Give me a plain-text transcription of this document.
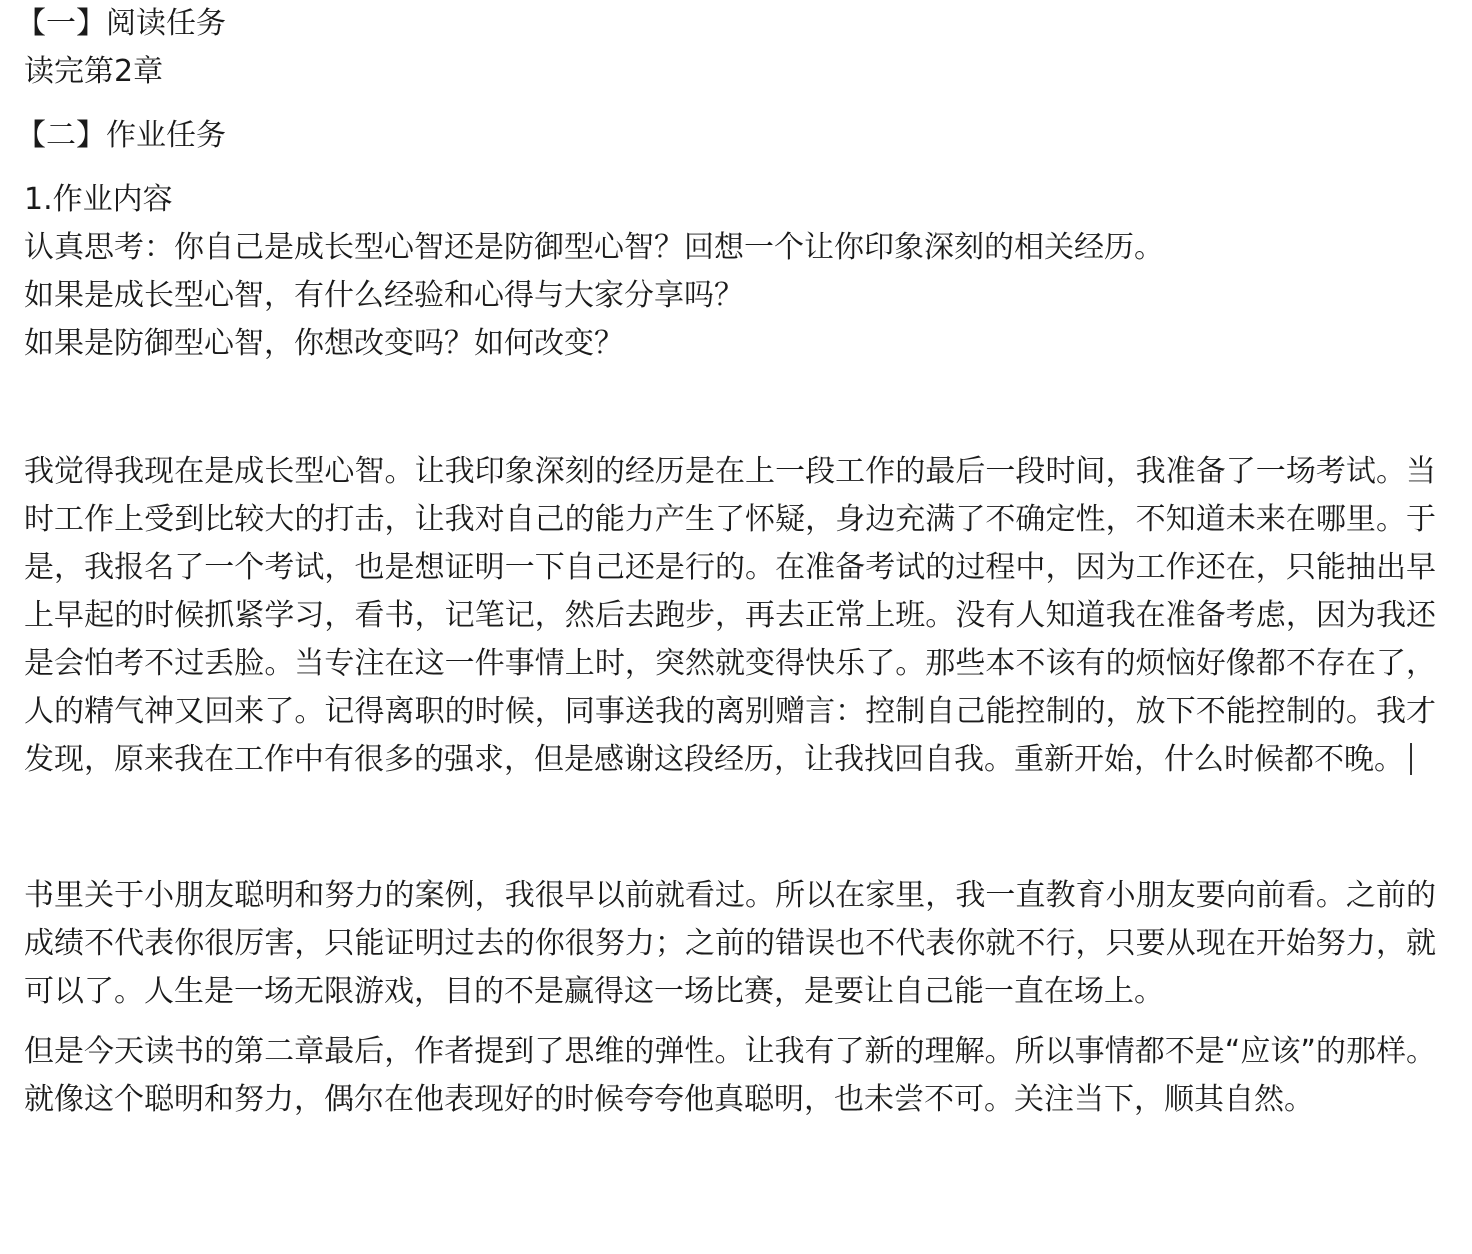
【一】阅读任务

读完第2章

【二】作业任务

1.作业内容

认真思考：你自己是成长型心智还是防御型心智？回想一个让你印象深刻的相关经历。

如果是成长型心智，有什么经验和心得与大家分享吗？

如果是防御型心智，你想改变吗？如何改变？

我觉得我现在是成长型心智。让我印象深刻的经历是在上一段工作的最后一段时间，我准备了一场考试。当时工作上受到比较大的打击，让我对自己的能力产生了怀疑，身边充满了不确定性，不知道未来在哪里。于是，我报名了一个考试，也是想证明一下自己还是行的。在准备考试的过程中，因为工作还在，只能抽出早上早起的时候抓紧学习，看书，记笔记，然后去跑步，再去正常上班。没有人知道我在准备考虑，因为我还是会怕考不过丢脸。当专注在这一件事情上时，突然就变得快乐了。那些本不该有的烦恼好像都不存在了，人的精气神又回来了。记得离职的时候，同事送我的离别赠言：控制自己能控制的，放下不能控制的。我才发现，原来我在工作中有很多的强求，但是感谢这段经历，让我找回自我。重新开始，什么时候都不晚。

书里关于小朋友聪明和努力的案例，我很早以前就看过。所以在家里，我一直教育小朋友要向前看。之前的成绩不代表你很厉害，只能证明过去的你很努力；之前的错误也不代表你就不行，只要从现在开始努力，就可以了。人生是一场无限游戏，目的不是赢得这一场比赛，是要让自己能一直在场上。

但是今天读书的第二章最后，作者提到了思维的弹性。让我有了新的理解。所以事情都不是“应该”的那样。就像这个聪明和努力，偶尔在他表现好的时候夸夸他真聪明，也未尝不可。关注当下，顺其自然。
